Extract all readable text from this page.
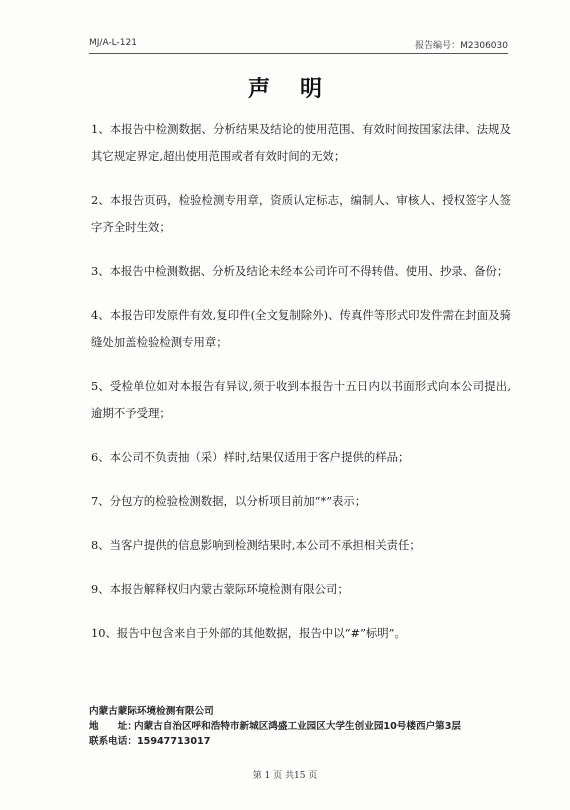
MJ/A-L-121	报告编号：M2306030
声明

1、本报告中检测数据、分析结果及结论的使用范围、有效时间按国家法律、法规及其它规定界定,超出使用范围或者有效时间的无效；

2、本报告页码，检验检测专用章，资质认定标志，编制人、审核人、授权签字人签字齐全时生效；

3、本报告中检测数据、分析及结论未经本公司许可不得转借、使用、抄录、备份；

4、本报告印发原件有效,复印件(全文复制除外)、传真件等形式印发件需在封面及骑缝处加盖检验检测专用章；

5、受检单位如对本报告有异议,须于收到本报告十五日内以书面形式向本公司提出,逾期不予受理；

6、本公司不负责抽（采）样时,结果仅适用于客户提供的样品；

7、分包方的检验检测数据，以分析项目前加“*”表示；

8、当客户提供的信息影响到检测结果时,本公司不承担相关责任；

9、本报告解释权归内蒙古蒙际环境检测有限公司；

10、报告中包含来自于外部的其他数据，报告中以“#”标明”。

内蒙古蒙际环境检测有限公司
地　　址：内蒙古自治区呼和浩特市新城区鸿盛工业园区大学生创业园10号楼西户第3层
联系电话：15947713017
第 1 页 共15 页
